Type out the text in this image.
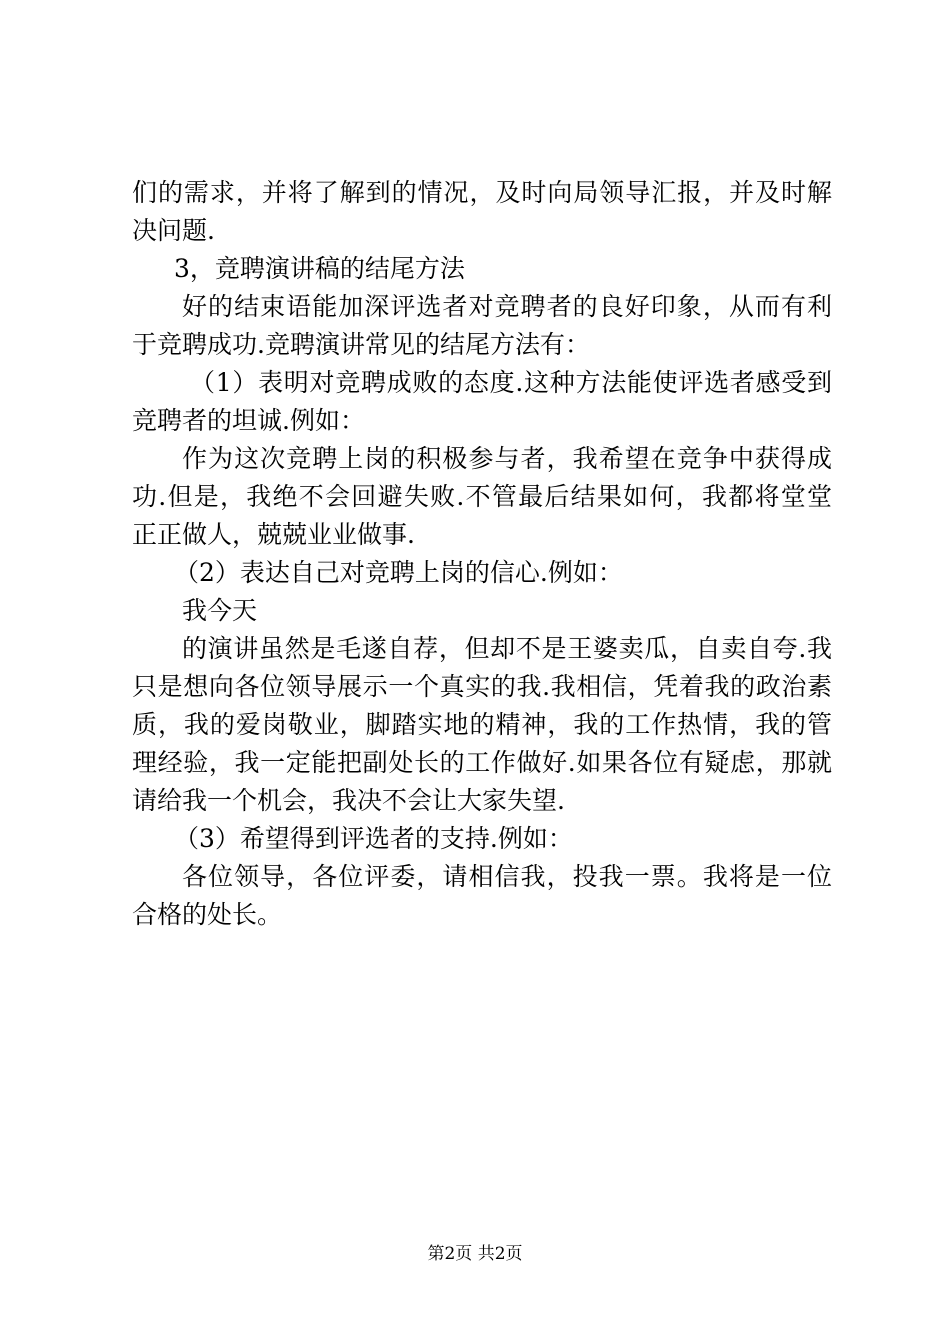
们的需求，并将了解到的情况，及时向局领导汇报，并及时解
决问题.
3，竞聘演讲稿的结尾方法
好的结束语能加深评选者对竞聘者的良好印象，从而有利
于竞聘成功.竞聘演讲常见的结尾方法有：
（1）表明对竞聘成败的态度.这种方法能使评选者感受到
竞聘者的坦诚.例如：
作为这次竞聘上岗的积极参与者，我希望在竞争中获得成
功.但是，我绝不会回避失败.不管最后结果如何，我都将堂堂
正正做人，兢兢业业做事.
（2）表达自己对竞聘上岗的信心.例如：
我今天
的演讲虽然是毛遂自荐，但却不是王婆卖瓜，自卖自夸.我
只是想向各位领导展示一个真实的我.我相信，凭着我的政治素
质，我的爱岗敬业，脚踏实地的精神，我的工作热情，我的管
理经验，我一定能把副处长的工作做好.如果各位有疑虑，那就
请给我一个机会，我决不会让大家失望.
（3）希望得到评选者的支持.例如：
各位领导，各位评委，请相信我，投我一票。我将是一位
合格的处长。
第2页 共2页
